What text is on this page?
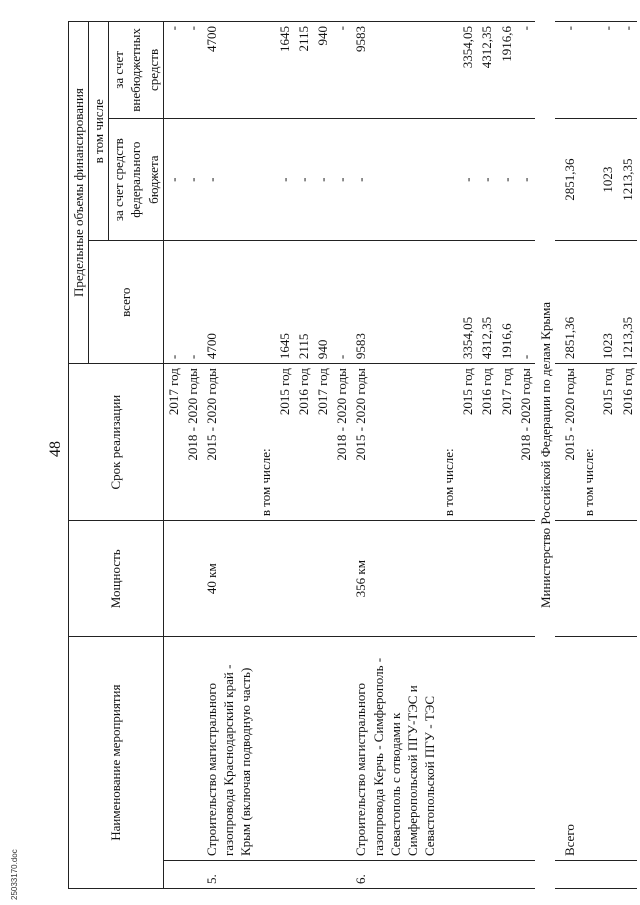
48
25033170.doc
Наименование мероприятия		Мощность	Срок реализации	Предельные объемы финансирования		
				всего	в том числе	
					за счет средств федерального бюджета	за счет внебюджетных средств
			2017 год	-	-	-
			2018 - 2020 годы	-	-	-
5.	Строительство магистрального газопровода Краснодарский край - Крым (включая подводную часть)	40 км	2015 - 2020 годы	4700	-	4700
			в том числе:			
			2015 год	1645	-	1645
			2016 год	2115	-	2115
			2017 год	940	-	940
			2018 - 2020 годы	-	-	-
6.	Строительство магистрального газопровода Керчь - Симферополь - Севастополь с отводами к Симферопольской ПГУ-ТЭС и Севастопольской ПГУ - ТЭС	356 км	2015 - 2020 годы	9583	-	9583
			в том числе:			
			2015 год	3354,05	-	3354,05
			2016 год	4312,35	-	4312,35
			2017 год	1916,6	-	1916,6
			2018 - 2020 годы	-	-	-
Министерство Российской Федерации по делам Крыма						
	Всего		2015 - 2020 годы	2851,36	2851,36	-
			в том числе:			
			2015 год	1023	1023	-
			2016 год	1213,35	1213,35	-
